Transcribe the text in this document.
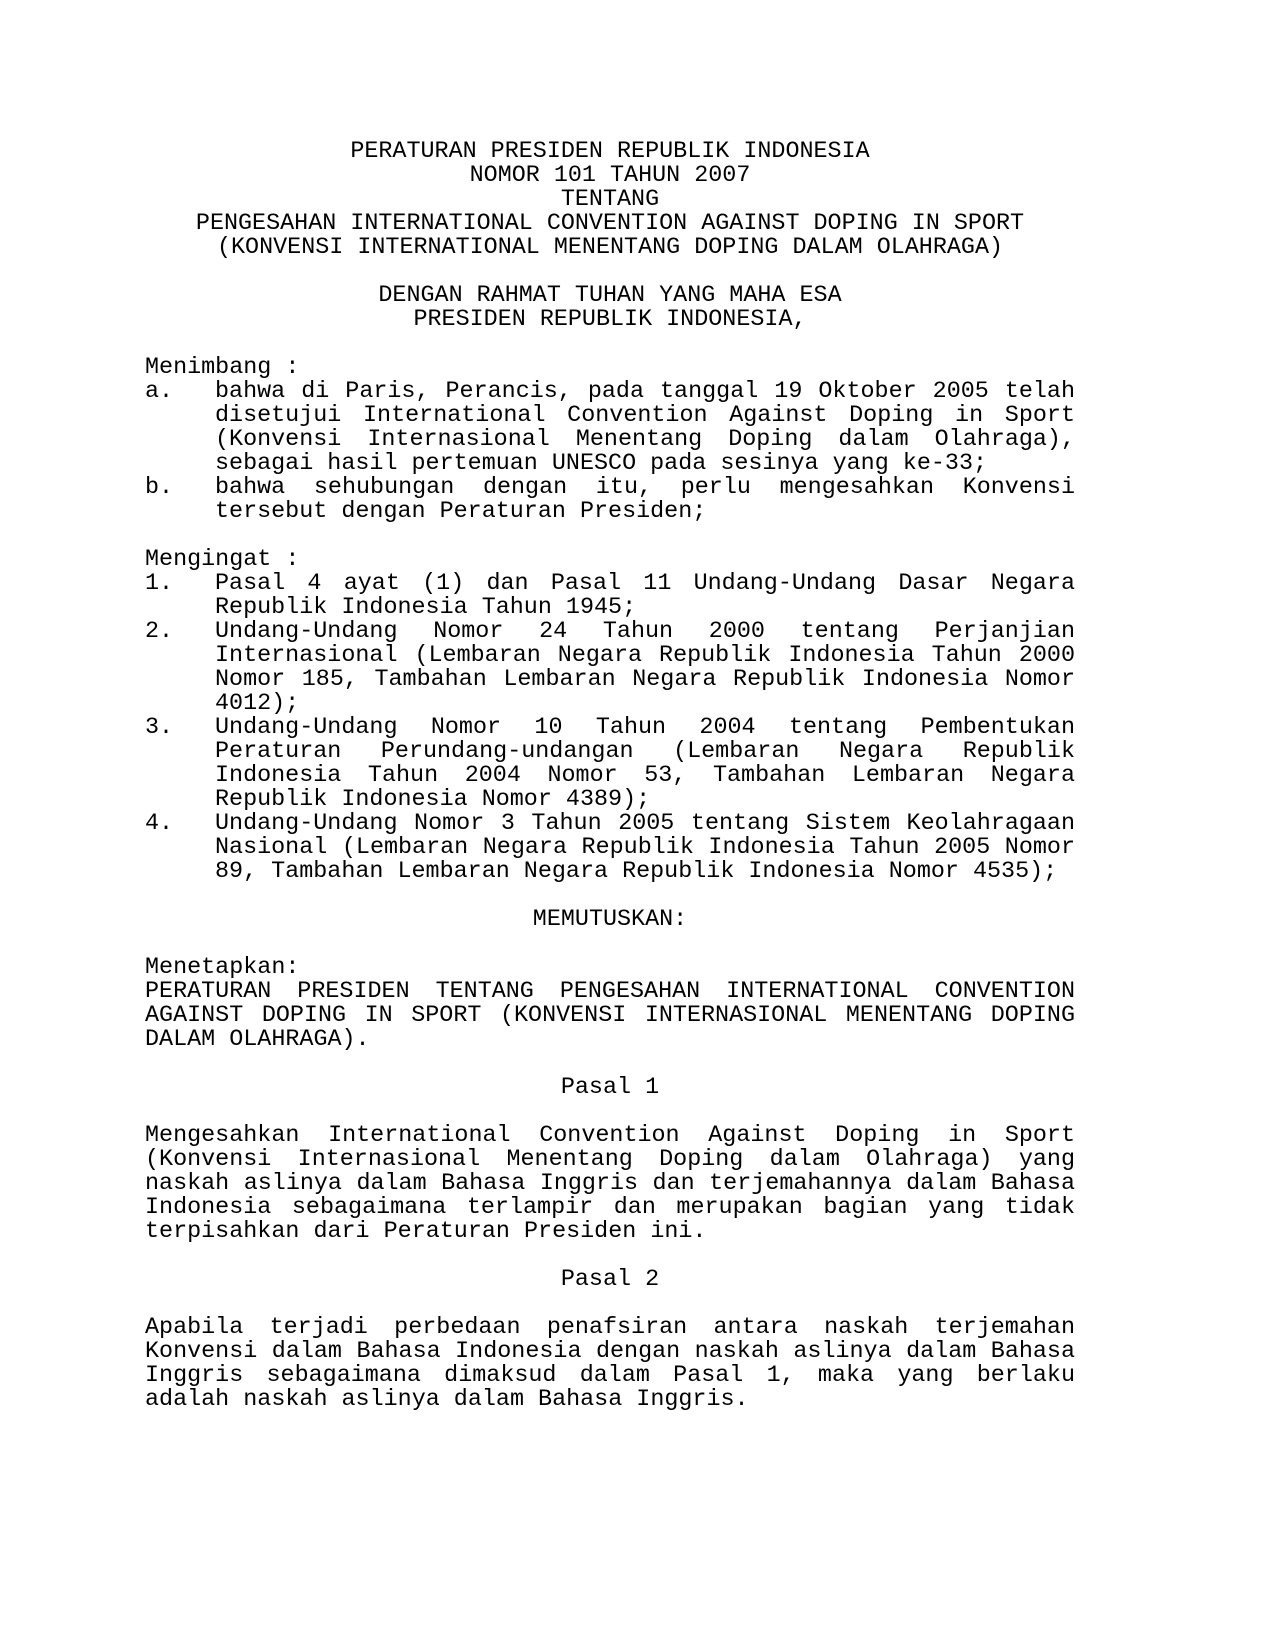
PERATURAN PRESIDEN REPUBLIK INDONESIA
NOMOR 101 TAHUN 2007
TENTANG
PENGESAHAN INTERNATIONAL CONVENTION AGAINST DOPING IN SPORT
(KONVENSI INTERNATIONAL MENENTANG DOPING DALAM OLAHRAGA)
DENGAN RAHMAT TUHAN YANG MAHA ESA
PRESIDEN REPUBLIK INDONESIA,
Menimbang :
a. bahwa di Paris, Perancis, pada tanggal 19 Oktober 2005 telah disetujui International Convention Against Doping in Sport (Konvensi Internasional Menentang Doping dalam Olahraga), sebagai hasil pertemuan UNESCO pada sesinya yang ke-33;
b. bahwa sehubungan dengan itu, perlu mengesahkan Konvensi tersebut dengan Peraturan Presiden;
Mengingat :
1. Pasal 4 ayat (1) dan Pasal 11 Undang-Undang Dasar Negara Republik Indonesia Tahun 1945;
2. Undang-Undang Nomor 24 Tahun 2000 tentang Perjanjian Internasional (Lembaran Negara Republik Indonesia Tahun 2000 Nomor 185, Tambahan Lembaran Negara Republik Indonesia Nomor 4012);
3. Undang-Undang Nomor 10 Tahun 2004 tentang Pembentukan Peraturan Perundang-undangan (Lembaran Negara Republik Indonesia Tahun 2004 Nomor 53, Tambahan Lembaran Negara Republik Indonesia Nomor 4389);
4. Undang-Undang Nomor 3 Tahun 2005 tentang Sistem Keolahragaan Nasional (Lembaran Negara Republik Indonesia Tahun 2005 Nomor 89, Tambahan Lembaran Negara Republik Indonesia Nomor 4535);
MEMUTUSKAN:
Menetapkan:
PERATURAN PRESIDEN TENTANG PENGESAHAN INTERNATIONAL CONVENTION AGAINST DOPING IN SPORT (KONVENSI INTERNASIONAL MENENTANG DOPING DALAM OLAHRAGA).
Pasal 1
Mengesahkan International Convention Against Doping in Sport (Konvensi Internasional Menentang Doping dalam Olahraga) yang naskah aslinya dalam Bahasa Inggris dan terjemahannya dalam Bahasa Indonesia sebagaimana terlampir dan merupakan bagian yang tidak terpisahkan dari Peraturan Presiden ini.
Pasal 2
Apabila terjadi perbedaan penafsiran antara naskah terjemahan Konvensi dalam Bahasa Indonesia dengan naskah aslinya dalam Bahasa Inggris sebagaimana dimaksud dalam Pasal 1, maka yang berlaku adalah naskah aslinya dalam Bahasa Inggris.
